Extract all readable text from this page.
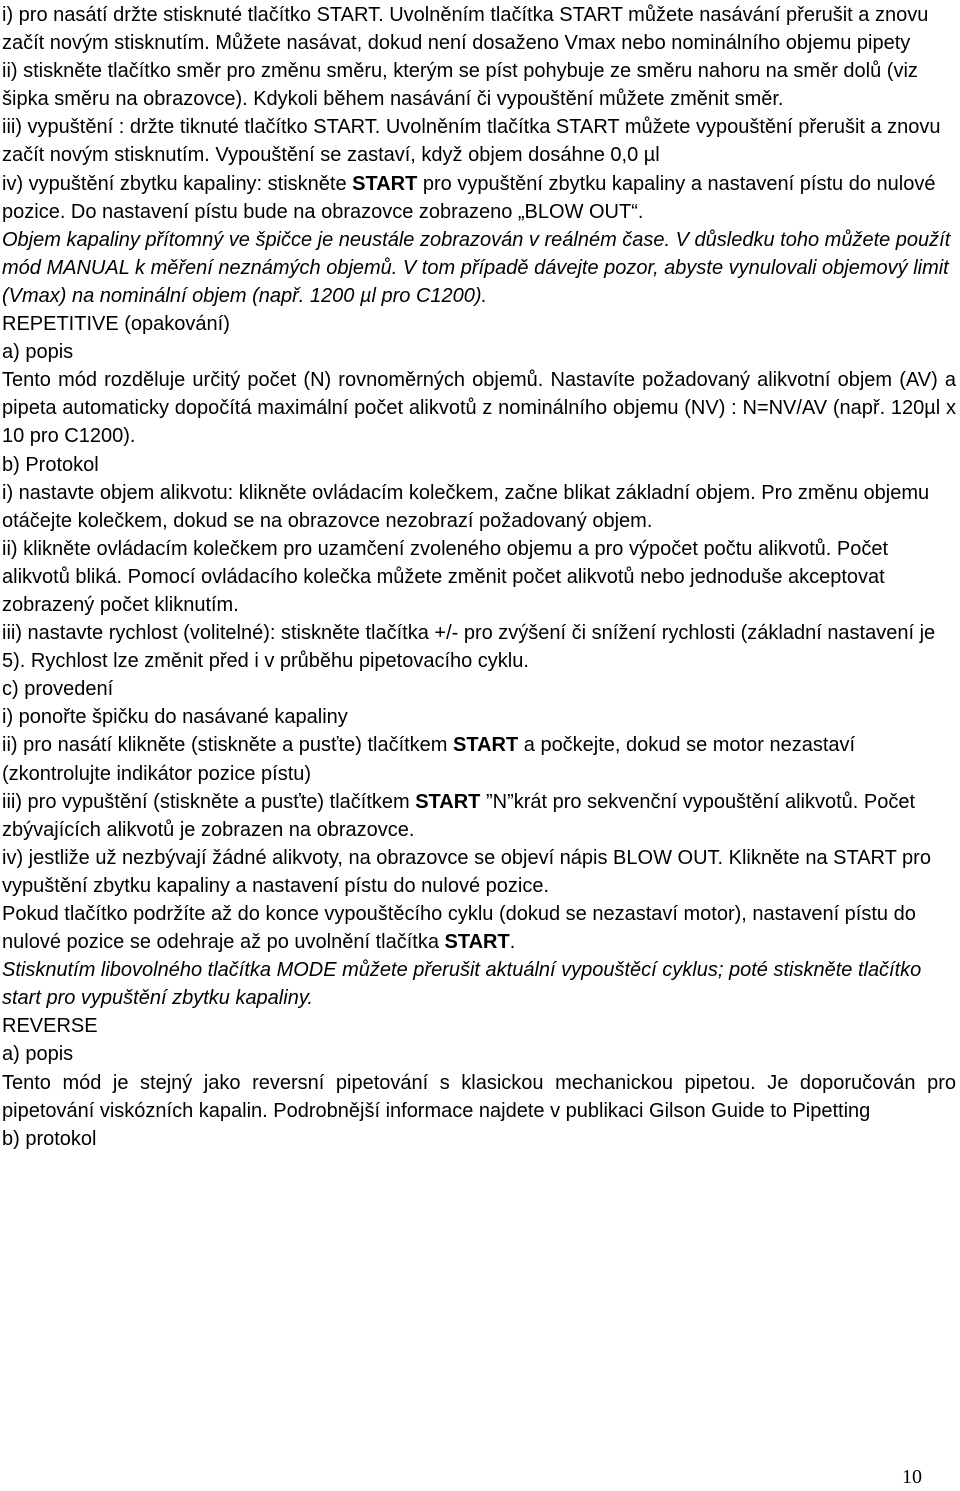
i) pro nasátí držte stisknuté tlačítko START. Uvolněním tlačítka START můžete nasávání přerušit a znovu začít novým stisknutím. Můžete nasávat, dokud není dosaženo Vmax nebo nominálního objemu pipety

ii) stiskněte tlačítko směr pro změnu směru, kterým se píst pohybuje ze směru nahoru na směr dolů (viz šipka směru na obrazovce). Kdykoli během nasávání či vypouštění můžete změnit směr.

iii) vypuštění : držte tiknuté tlačítko START. Uvolněním tlačítka START můžete vypouštění přerušit a znovu začít novým stisknutím. Vypouštění se zastaví, když objem dosáhne 0,0 µl

iv) vypuštění zbytku kapaliny: stiskněte START pro vypuštění zbytku kapaliny a nastavení pístu do nulové pozice. Do nastavení pístu bude na obrazovce zobrazeno „BLOW OUT“.

Objem kapaliny přítomný ve špičce je neustále zobrazován v reálném čase. V důsledku toho můžete použít mód MANUAL k měření neznámých objemů. V tom případě dávejte pozor, abyste vynulovali objemový limit (Vmax) na nominální objem (např. 1200 µl pro C1200).

REPETITIVE (opakování)

a) popis

Tento mód rozděluje určitý počet (N) rovnoměrných objemů. Nastavíte požadovaný alikvotní objem (AV) a pipeta automaticky dopočítá maximální počet alikvotů z nominálního objemu (NV) : N=NV/AV (např. 120µl x 10 pro C1200).

b) Protokol

i) nastavte objem alikvotu: klikněte ovládacím kolečkem, začne blikat základní objem. Pro změnu objemu otáčejte kolečkem, dokud se na obrazovce nezobrazí požadovaný objem.

ii) klikněte ovládacím kolečkem pro uzamčení zvoleného objemu a pro výpočet počtu alikvotů. Počet alikvotů bliká. Pomocí ovládacího kolečka můžete změnit počet alikvotů nebo jednoduše akceptovat zobrazený počet kliknutím.

iii) nastavte rychlost (volitelné): stiskněte tlačítka +/- pro zvýšení či snížení rychlosti (základní nastavení je 5). Rychlost lze změnit před i v průběhu pipetovacího cyklu.

c) provedení

i) ponořte špičku do nasávané kapaliny

ii) pro nasátí klikněte (stiskněte a pusťte) tlačítkem START a počkejte, dokud se motor nezastaví (zkontrolujte indikátor pozice pístu)

iii) pro vypuštění (stiskněte a pusťte) tlačítkem START ”N”krát pro sekvenční vypouštění alikvotů. Počet zbývajících alikvotů je zobrazen na obrazovce.

iv) jestliže už nezbývají žádné alikvoty, na obrazovce se objeví nápis BLOW OUT. Klikněte na START pro vypuštění zbytku kapaliny a nastavení pístu do nulové pozice.

Pokud tlačítko podržíte až do konce vypouštěcího cyklu (dokud se nezastaví motor), nastavení pístu do nulové pozice se odehraje až po uvolnění tlačítka START.

Stisknutím libovolného tlačítka MODE můžete přerušit aktuální vypouštěcí cyklus; poté stiskněte tlačítko start pro vypuštění zbytku kapaliny.

REVERSE

a) popis

Tento mód je stejný jako reversní pipetování s klasickou mechanickou pipetou. Je doporučován pro pipetování viskózních kapalin. Podrobnější informace najdete v publikaci Gilson Guide to Pipetting

b) protokol

10
